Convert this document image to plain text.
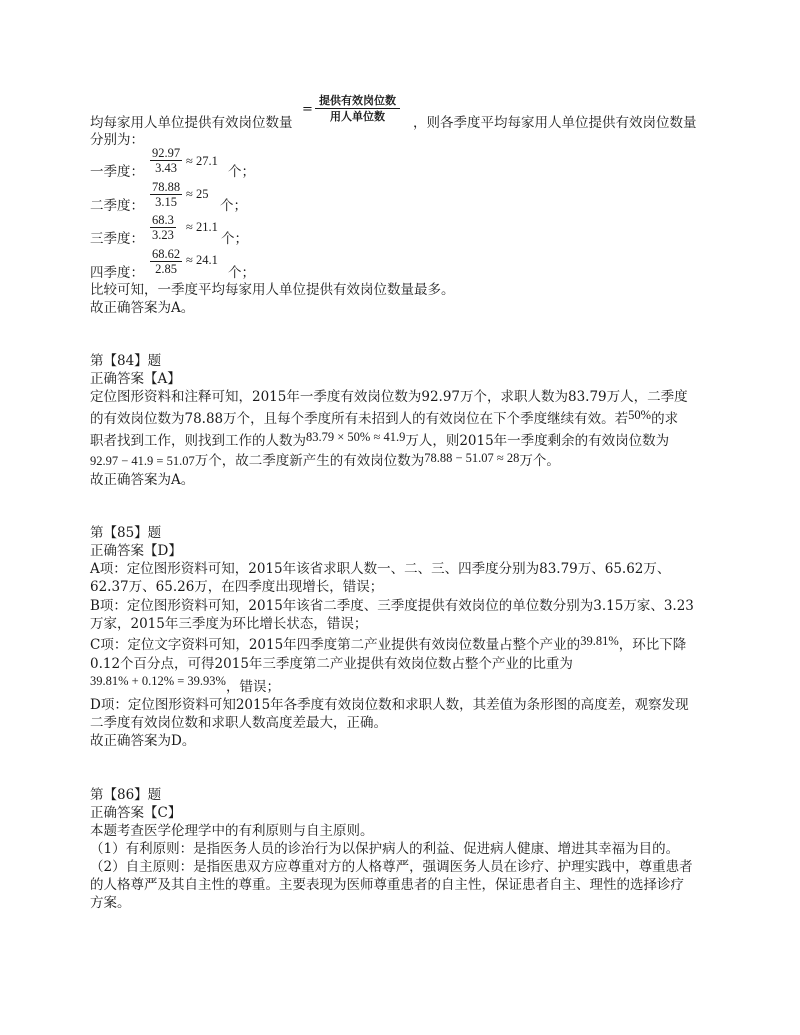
=
提供有效岗位数
用人单位数
均每家用人单位提供有效岗位数量	，则各季度平均每家用人单位提供有效岗位数量
分别为：
一季度： $\frac{92.97}{3.43} \approx 27.1$
个；
二季度： $\frac{78.88}{3.15} \approx 25$
个；
三季度： $\frac{68.3}{3.23} \approx 21.1$
个；
四季度： $\frac{68.62}{2.85} \approx 24.1$
个；
比较可知，一季度平均每家用人单位提供有效岗位数量最多。
故正确答案为A。
第【84】题
正确答案【A】
定位图形资料和注释可知，2015年一季度有效岗位数为92.97万个，求职人数为83.79万人，二季度
的有效岗位数为78.88万个，且每个季度所有未招到人的有效岗位在下个季度继续有效。若50%的求
职者找到工作，则找到工作的人数为83.79 × 50% ≈ 41.9万人，则2015年一季度剩余的有效岗位数为
92.97 − 41.9 = 51.07万个，故二季度新产生的有效岗位数为78.88 − 51.07 ≈ 28万个。
故正确答案为A。
第【85】题
正确答案【D】
A项：定位图形资料可知，2015年该省求职人数一、二、三、四季度分别为83.79万、65.62万、
62.37万、65.26万，在四季度出现增长，错误；
B项：定位图形资料可知，2015年该省二季度、三季度提供有效岗位的单位数分别为3.15万家、3.23
万家，2015年三季度为环比增长状态，错误；
C项：定位文字资料可知，2015年四季度第二产业提供有效岗位数量占整个产业的39.81%，环比下降
0.12个百分点，可得2015年三季度第二产业提供有效岗位数占整个产业的比重为
39.81% + 0.12% = 39.93%，错误；
D项：定位图形资料可知2015年各季度有效岗位数和求职人数，其差值为条形图的高度差，观察发现
二季度有效岗位数和求职人数高度差最大，正确。
故正确答案为D。
第【86】题
正确答案【C】
本题考查医学伦理学中的有利原则与自主原则。
（1）有利原则：是指医务人员的诊治行为以保护病人的利益、促进病人健康、增进其幸福为目的。
（2）自主原则：是指医患双方应尊重对方的人格尊严，强调医务人员在诊疗、护理实践中，尊重患者
的人格尊严及其自主性的尊重。主要表现为医师尊重患者的自主性，保证患者自主、理性的选择诊疗
方案。
